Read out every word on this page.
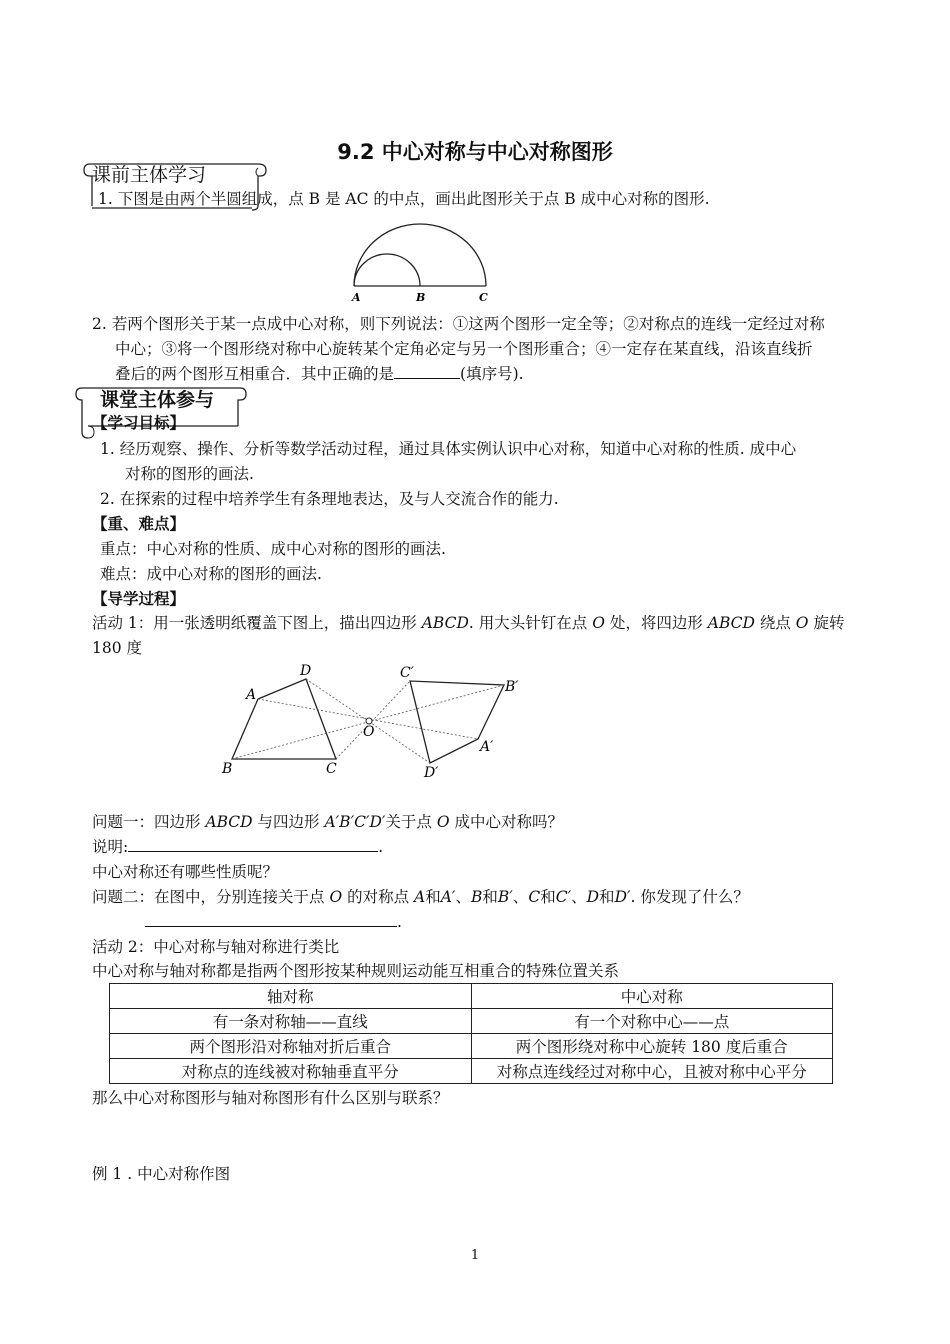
9.2 中心对称与中心对称图形
课前主体学习
1. 下图是由两个半圆组成，点 B 是 AC 的中点，画出此图形关于点 B 成中心对称的图形.
A	B	C
2. 若两个图形关于某一点成中心对称，则下列说法：①这两个图形一定全等；②对称点的连线一定经过对称
中心；③将一个图形绕对称中心旋转某个定角必定与另一个图形重合；④一定存在某直线，沿该直线折
叠后的两个图形互相重合．其中正确的是	(填序号).
课堂主体参与
【学习目标】
1. 经历观察、操作、分析等数学活动过程，通过具体实例认识中心对称，知道中心对称的性质. 成中心
对称的图形的画法.
2. 在探索的过程中培养学生有条理地表达，及与人交流合作的能力.
【重、难点】
重点：中心对称的性质、成中心对称的图形的画法.
难点：成中心对称的图形的画法.
【导学过程】
活动 1：用一张透明纸覆盖下图上，描出四边形 ABCD. 用大头针钉在点 O 处，将四边形 ABCD 绕点 O 旋转
180 度
A
D
B	C
O
C′
B′
A′
D′
问题一：四边形 ABCD 与四边形 A′B′C′D′关于点 O 成中心对称吗？
说明:	.
中心对称还有哪些性质呢？
问题二：在图中，分别连接关于点 O 的对称点 A和A′、B和B′、C和C′、D和D′. 你发现了什么？
.
活动 2：中心对称与轴对称进行类比
中心对称与轴对称都是指两个图形按某种规则运动能互相重合的特殊位置关系
轴对称	中心对称
有一条对称轴——直线	有一个对称中心——点
两个图形沿对称轴对折后重合	两个图形绕对称中心旋转 180 度后重合
对称点的连线被对称轴垂直平分	对称点连线经过对称中心，且被对称中心平分
那么中心对称图形与轴对称图形有什么区别与联系？
例 1 . 中心对称作图
1
